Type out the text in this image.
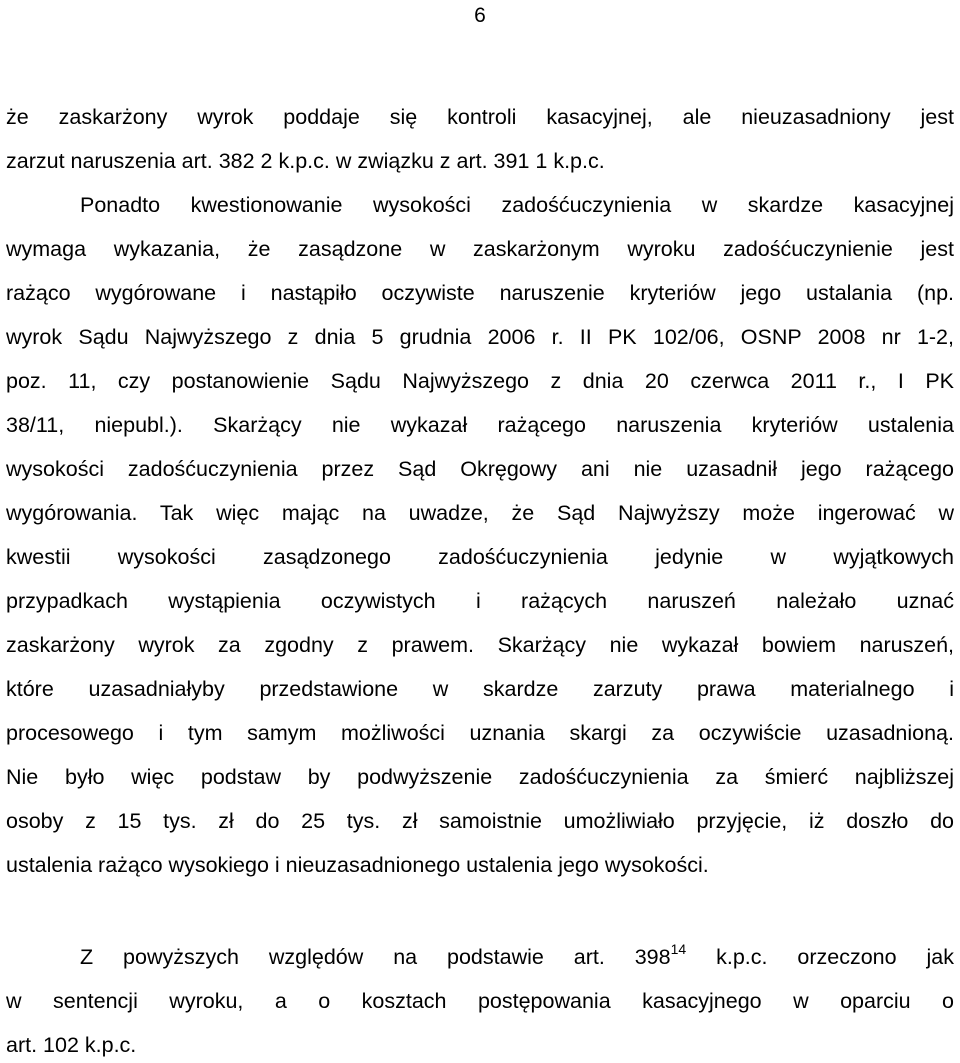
6

że zaskarżony wyrok poddaje się kontroli kasacyjnej, ale nieuzasadniony jest

zarzut naruszenia art. 382 2 k.p.c. w związku z art. 391 1 k.p.c.

Ponadto kwestionowanie wysokości zadośćuczynienia w skardze kasacyjnej

wymaga wykazania, że zasądzone w zaskarżonym wyroku zadośćuczynienie jest

rażąco wygórowane i nastąpiło oczywiste naruszenie kryteriów jego ustalania (np.

wyrok Sądu Najwyższego z dnia 5 grudnia 2006 r. II PK 102/06, OSNP 2008 nr 1-2,

poz. 11, czy postanowienie Sądu Najwyższego z dnia 20 czerwca 2011 r., I PK

38/11, niepubl.). Skarżący nie wykazał rażącego naruszenia kryteriów ustalenia

wysokości zadośćuczynienia przez Sąd Okręgowy ani nie uzasadnił jego rażącego

wygórowania. Tak więc mając na uwadze, że Sąd Najwyższy może ingerować w

kwestii wysokości zasądzonego zadośćuczynienia jedynie w wyjątkowych

przypadkach wystąpienia oczywistych i rażących naruszeń należało uznać

zaskarżony wyrok za zgodny z prawem. Skarżący nie wykazał bowiem naruszeń,

które uzasadniałyby przedstawione w skardze zarzuty prawa materialnego i

procesowego i tym samym możliwości uznania skargi za oczywiście uzasadnioną.

Nie było więc podstaw by podwyższenie zadośćuczynienia za śmierć najbliższej

osoby z 15 tys. zł do 25 tys. zł samoistnie umożliwiało przyjęcie, iż doszło do

ustalenia rażąco wysokiego i nieuzasadnionego ustalenia jego wysokości.

Z powyższych względów na podstawie art. $398^{14}$ k.p.c. orzeczono jak

w sentencji wyroku, a o kosztach postępowania kasacyjnego w oparciu o

art. 102 k.p.c.
